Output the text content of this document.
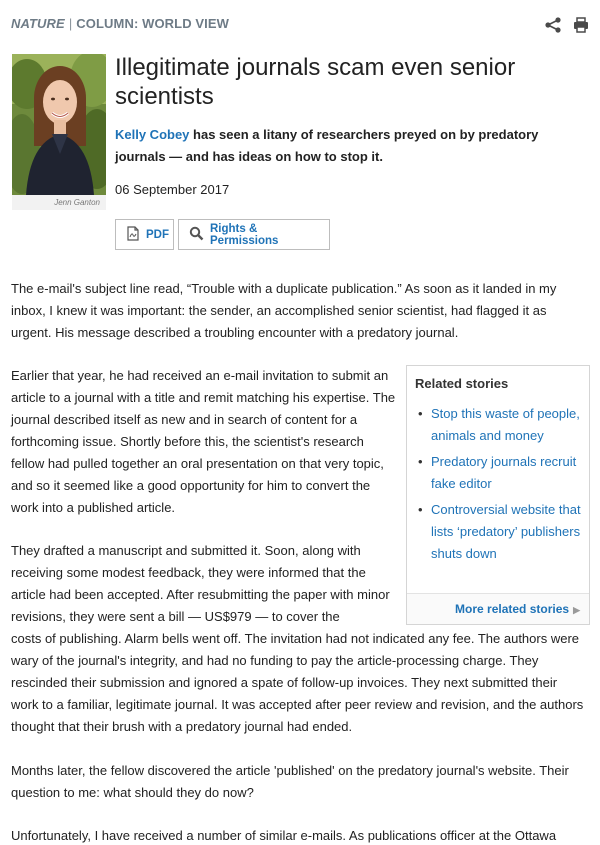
NATURE | COLUMN: WORLD VIEW
Jenn Ganton
Illegitimate journals scam even senior scientists
Kelly Cobey has seen a litany of researchers preyed on by predatory journals — and has ideas on how to stop it.
06 September 2017
PDF	Rights & Permissions

The e-mail's subject line read, “Trouble with a duplicate publication.” As soon as it landed in my inbox, I knew it was important: the sender, an accomplished senior scientist, had flagged it as urgent. His message described a troubling encounter with a predatory journal.

Earlier that year, he had received an e-mail invitation to submit an article to a journal with a title and remit matching his expertise. The journal described itself as new and in search of content for a forthcoming issue. Shortly before this, the scientist's research fellow had pulled together an oral presentation on that very topic, and so it seemed like a good opportunity for him to convert the work into a published article.

They drafted a manuscript and submitted it. Soon, along with receiving some modest feedback, they were informed that the article had been accepted. After resubmitting the paper with minor revisions, they were sent a bill — US$979 — to cover the
costs of publishing. Alarm bells went off. The invitation had not indicated any fee. The authors were wary of the journal's integrity, and had no funding to pay the article-processing charge. They rescinded their submission and ignored a spate of follow-up invoices. They next submitted their work to a familiar, legitimate journal. It was accepted after peer review and revision, and the authors thought that their brush with a predatory journal had ended.

Months later, the fellow discovered the article 'published' on the predatory journal's website. Their question to me: what should they do now?

Unfortunately, I have received a number of similar e-mails. As publications officer at the Ottawa

Related stories
• Stop this waste of people, animals and money
• Predatory journals recruit fake editor
• Controversial website that lists ‘predatory’ publishers shuts down
More related stories ▶
